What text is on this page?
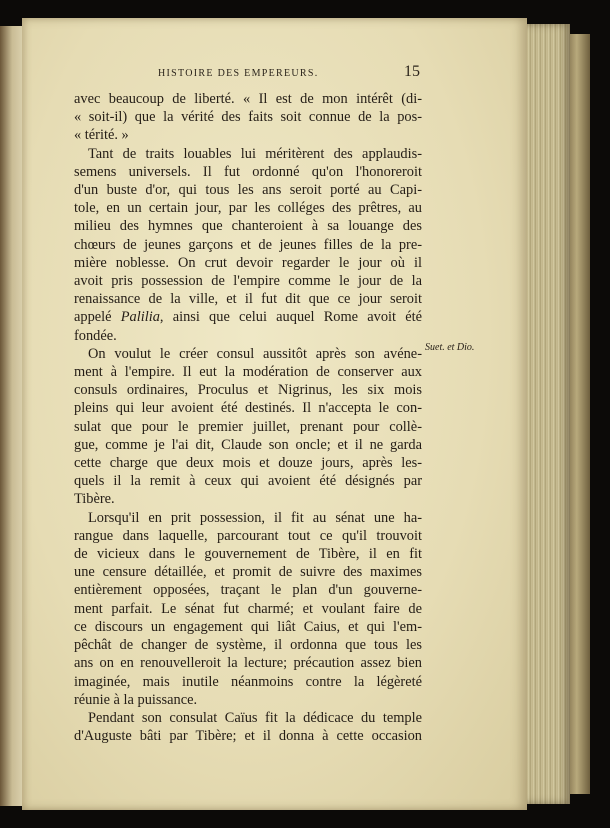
HISTOIRE DES EMPEREURS.	15
avec beaucoup de liberté. « Il est de mon intérêt (di-
« soit-il) que la vérité des faits soit connue de la pos-
« térité. »
Tant de traits louables lui méritèrent des applaudis-
semens universels. Il fut ordonné qu'on l'honoreroit
d'un buste d'or, qui tous les ans seroit porté au Capi-
tole, en un certain jour, par les colléges des prêtres, au
milieu des hymnes que chanteroient à sa louange des
chœurs de jeunes garçons et de jeunes filles de la pre-
mière noblesse. On crut devoir regarder le jour où il
avoit pris possession de l'empire comme le jour de la
renaissance de la ville, et il fut dit que ce jour seroit
appelé Palilia, ainsi que celui auquel Rome avoit été
fondée.
On voulut le créer consul aussitôt après son avéne-
ment à l'empire. Il eut la modération de conserver aux
consuls ordinaires, Proculus et Nigrinus, les six mois
pleins qui leur avoient été destinés. Il n'accepta le con-
sulat que pour le premier juillet, prenant pour collè-
gue, comme je l'ai dit, Claude son oncle; et il ne garda
cette charge que deux mois et douze jours, après les-
quels il la remit à ceux qui avoient été désignés par
Tibère.
Lorsqu'il en prit possession, il fit au sénat une ha-
rangue dans laquelle, parcourant tout ce qu'il trouvoit
de vicieux dans le gouvernement de Tibère, il en fit
une censure détaillée, et promit de suivre des maximes
entièrement opposées, traçant le plan d'un gouverne-
ment parfait. Le sénat fut charmé; et voulant faire de
ce discours un engagement qui liât Caius, et qui l'em-
pêchât de changer de système, il ordonna que tous les
ans on en renouvelleroit la lecture; précaution assez bien
imaginée, mais inutile néanmoins contre la légèreté
réunie à la puissance.
Pendant son consulat Caïus fit la dédicace du temple
d'Auguste bâti par Tibère; et il donna à cette occasion
Suet. et Dio.
